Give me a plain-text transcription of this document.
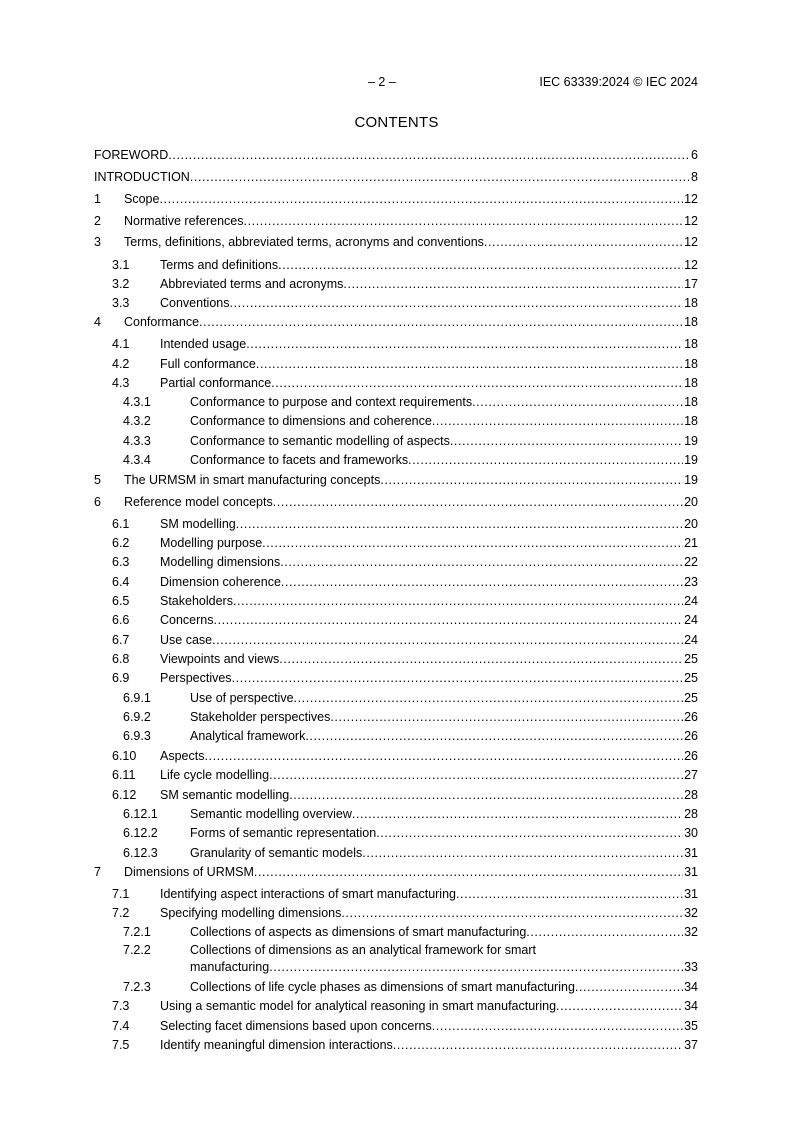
– 2 –	IEC 63339:2024 © IEC 2024
CONTENTS
FOREWORD .....	6
INTRODUCTION .....	8
1 Scope .....	12
2 Normative references .....	12
3 Terms, definitions, abbreviated terms, acronyms and conventions .....	12
3.1 Terms and definitions .....	12
3.2 Abbreviated terms and acronyms .....	17
3.3 Conventions .....	18
4 Conformance .....	18
4.1 Intended usage .....	18
4.2 Full conformance .....	18
4.3 Partial conformance .....	18
4.3.1	Conformance to purpose and context requirements .....	18
4.3.2	Conformance to dimensions and coherence .....	18
4.3.3	Conformance to semantic modelling of aspects .....	19
4.3.4	Conformance to facets and frameworks .....	19
5 The URMSM in smart manufacturing concepts .....	19
6 Reference model concepts .....	20
6.1 SM modelling .....	20
6.2 Modelling purpose .....	21
6.3 Modelling dimensions .....	22
6.4 Dimension coherence .....	23
6.5 Stakeholders .....	24
6.6 Concerns .....	24
6.7 Use case .....	24
6.8 Viewpoints and views .....	25
6.9 Perspectives .....	25
6.9.1	Use of perspective .....	25
6.9.2	Stakeholder perspectives .....	26
6.9.3	Analytical framework .....	26
6.10 Aspects .....	26
6.11 Life cycle modelling .....	27
6.12 SM semantic modelling .....	28
6.12.1	Semantic modelling overview .....	28
6.12.2	Forms of semantic representation .....	30
6.12.3	Granularity of semantic models .....	31
7 Dimensions of URMSM .....	31
7.1 Identifying aspect interactions of smart manufacturing .....	31
7.2 Specifying modelling dimensions .....	32
7.2.1	Collections of aspects as dimensions of smart manufacturing .....	32
7.2.2	Collections of dimensions as an analytical framework for smart
manufacturing .....	33
7.2.3	Collections of life cycle phases as dimensions of smart manufacturing .....	34
7.3 Using a semantic model for analytical reasoning in smart manufacturing .....	34
7.4 Selecting facet dimensions based upon concerns .....	35
7.5 Identify meaningful dimension interactions .....	37
